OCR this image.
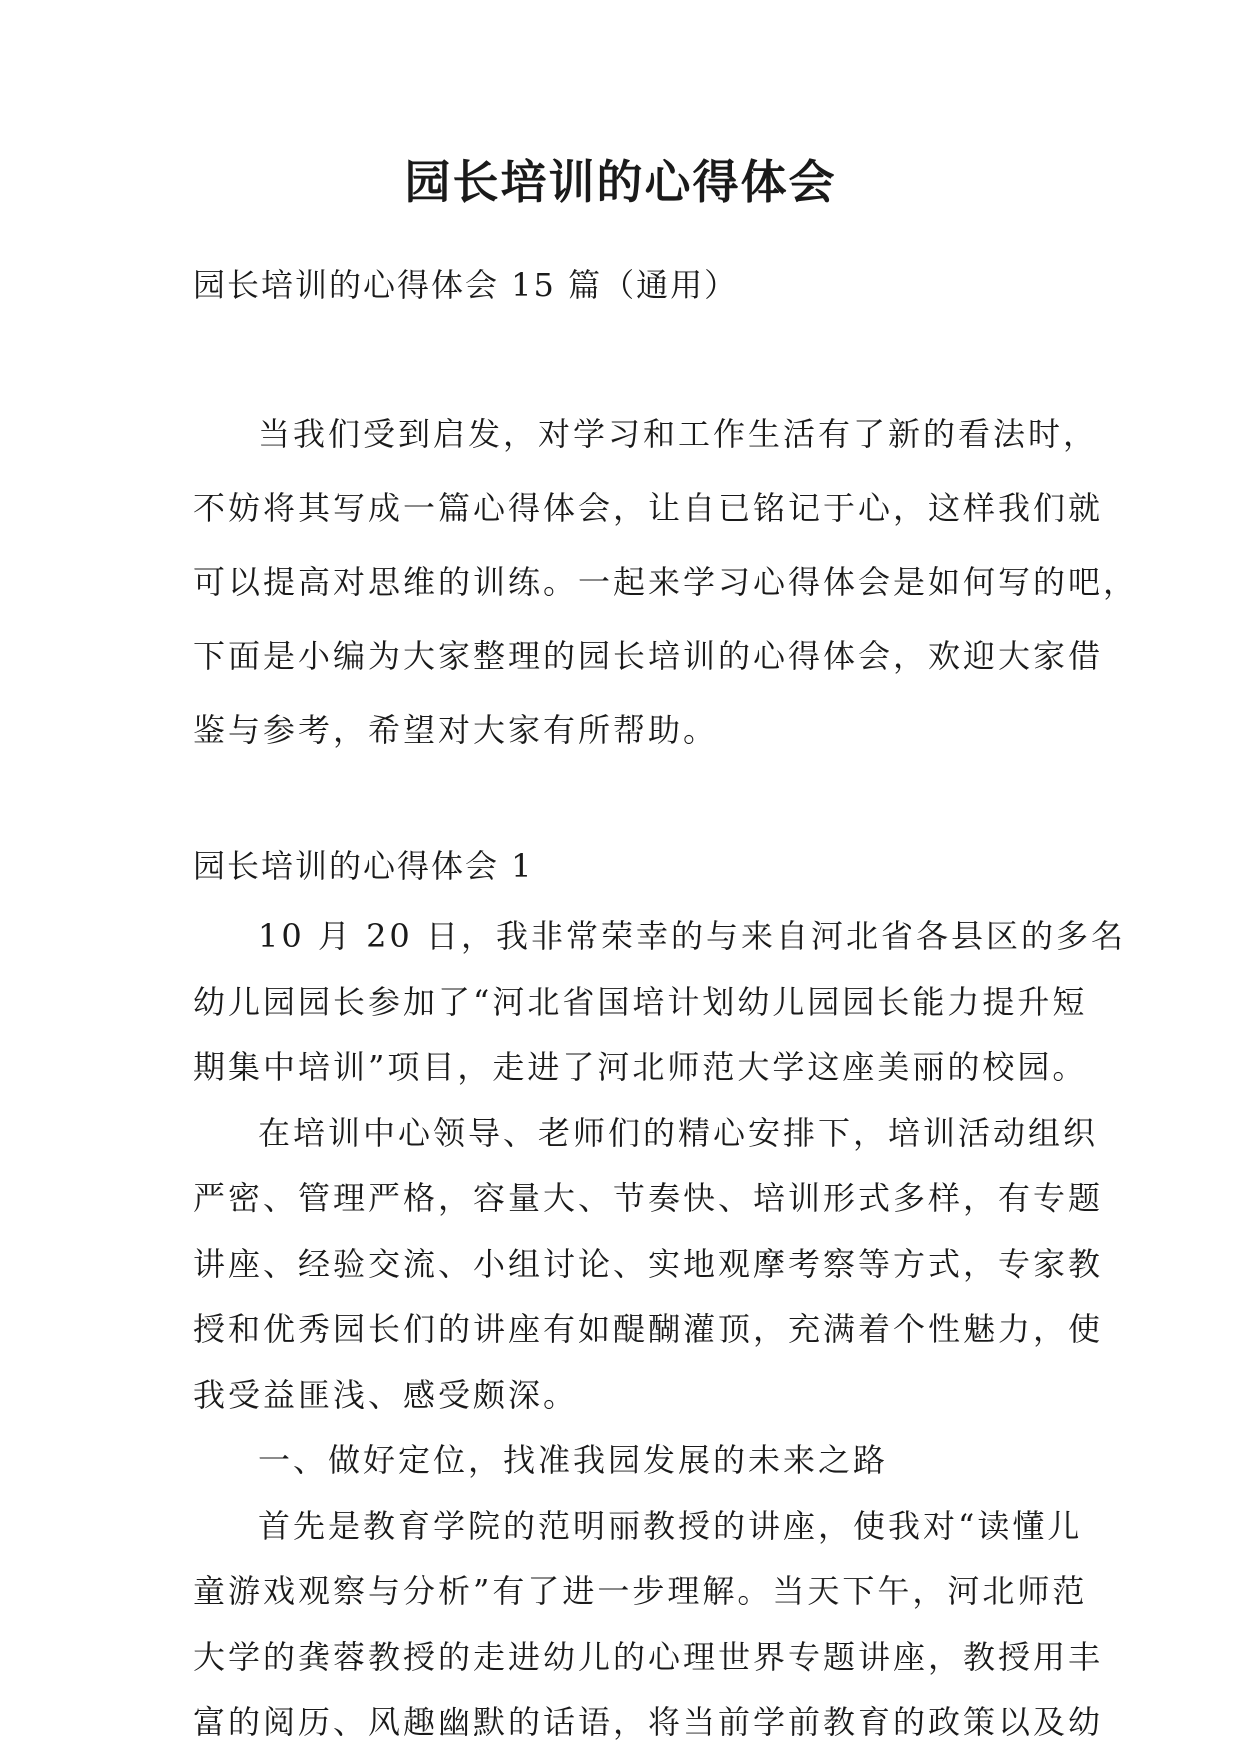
园长培训的心得体会

园长培训的心得体会 15 篇（通用）

当我们受到启发，对学习和工作生活有了新的看法时，

不妨将其写成一篇心得体会，让自已铭记于心，这样我们就

可以提高对思维的训练。一起来学习心得体会是如何写的吧，

下面是小编为大家整理的园长培训的心得体会，欢迎大家借

鉴与参考，希望对大家有所帮助。

园长培训的心得体会 1

10 月 20 日，我非常荣幸的与来自河北省各县区的多名

幼儿园园长参加了“河北省国培计划幼儿园园长能力提升短

期集中培训”项目，走进了河北师范大学这座美丽的校园。

在培训中心领导、老师们的精心安排下，培训活动组织

严密、管理严格，容量大、节奏快、培训形式多样，有专题

讲座、经验交流、小组讨论、实地观摩考察等方式，专家教

授和优秀园长们的讲座有如醍醐灌顶，充满着个性魅力，使

我受益匪浅、感受颇深。

一、做好定位，找准我园发展的未来之路

首先是教育学院的范明丽教授的讲座，使我对“读懂儿

童游戏观察与分析”有了进一步理解。当天下午，河北师范

大学的龚蓉教授的走进幼儿的心理世界专题讲座，教授用丰

富的阅历、风趣幽默的话语，将当前学前教育的政策以及幼
